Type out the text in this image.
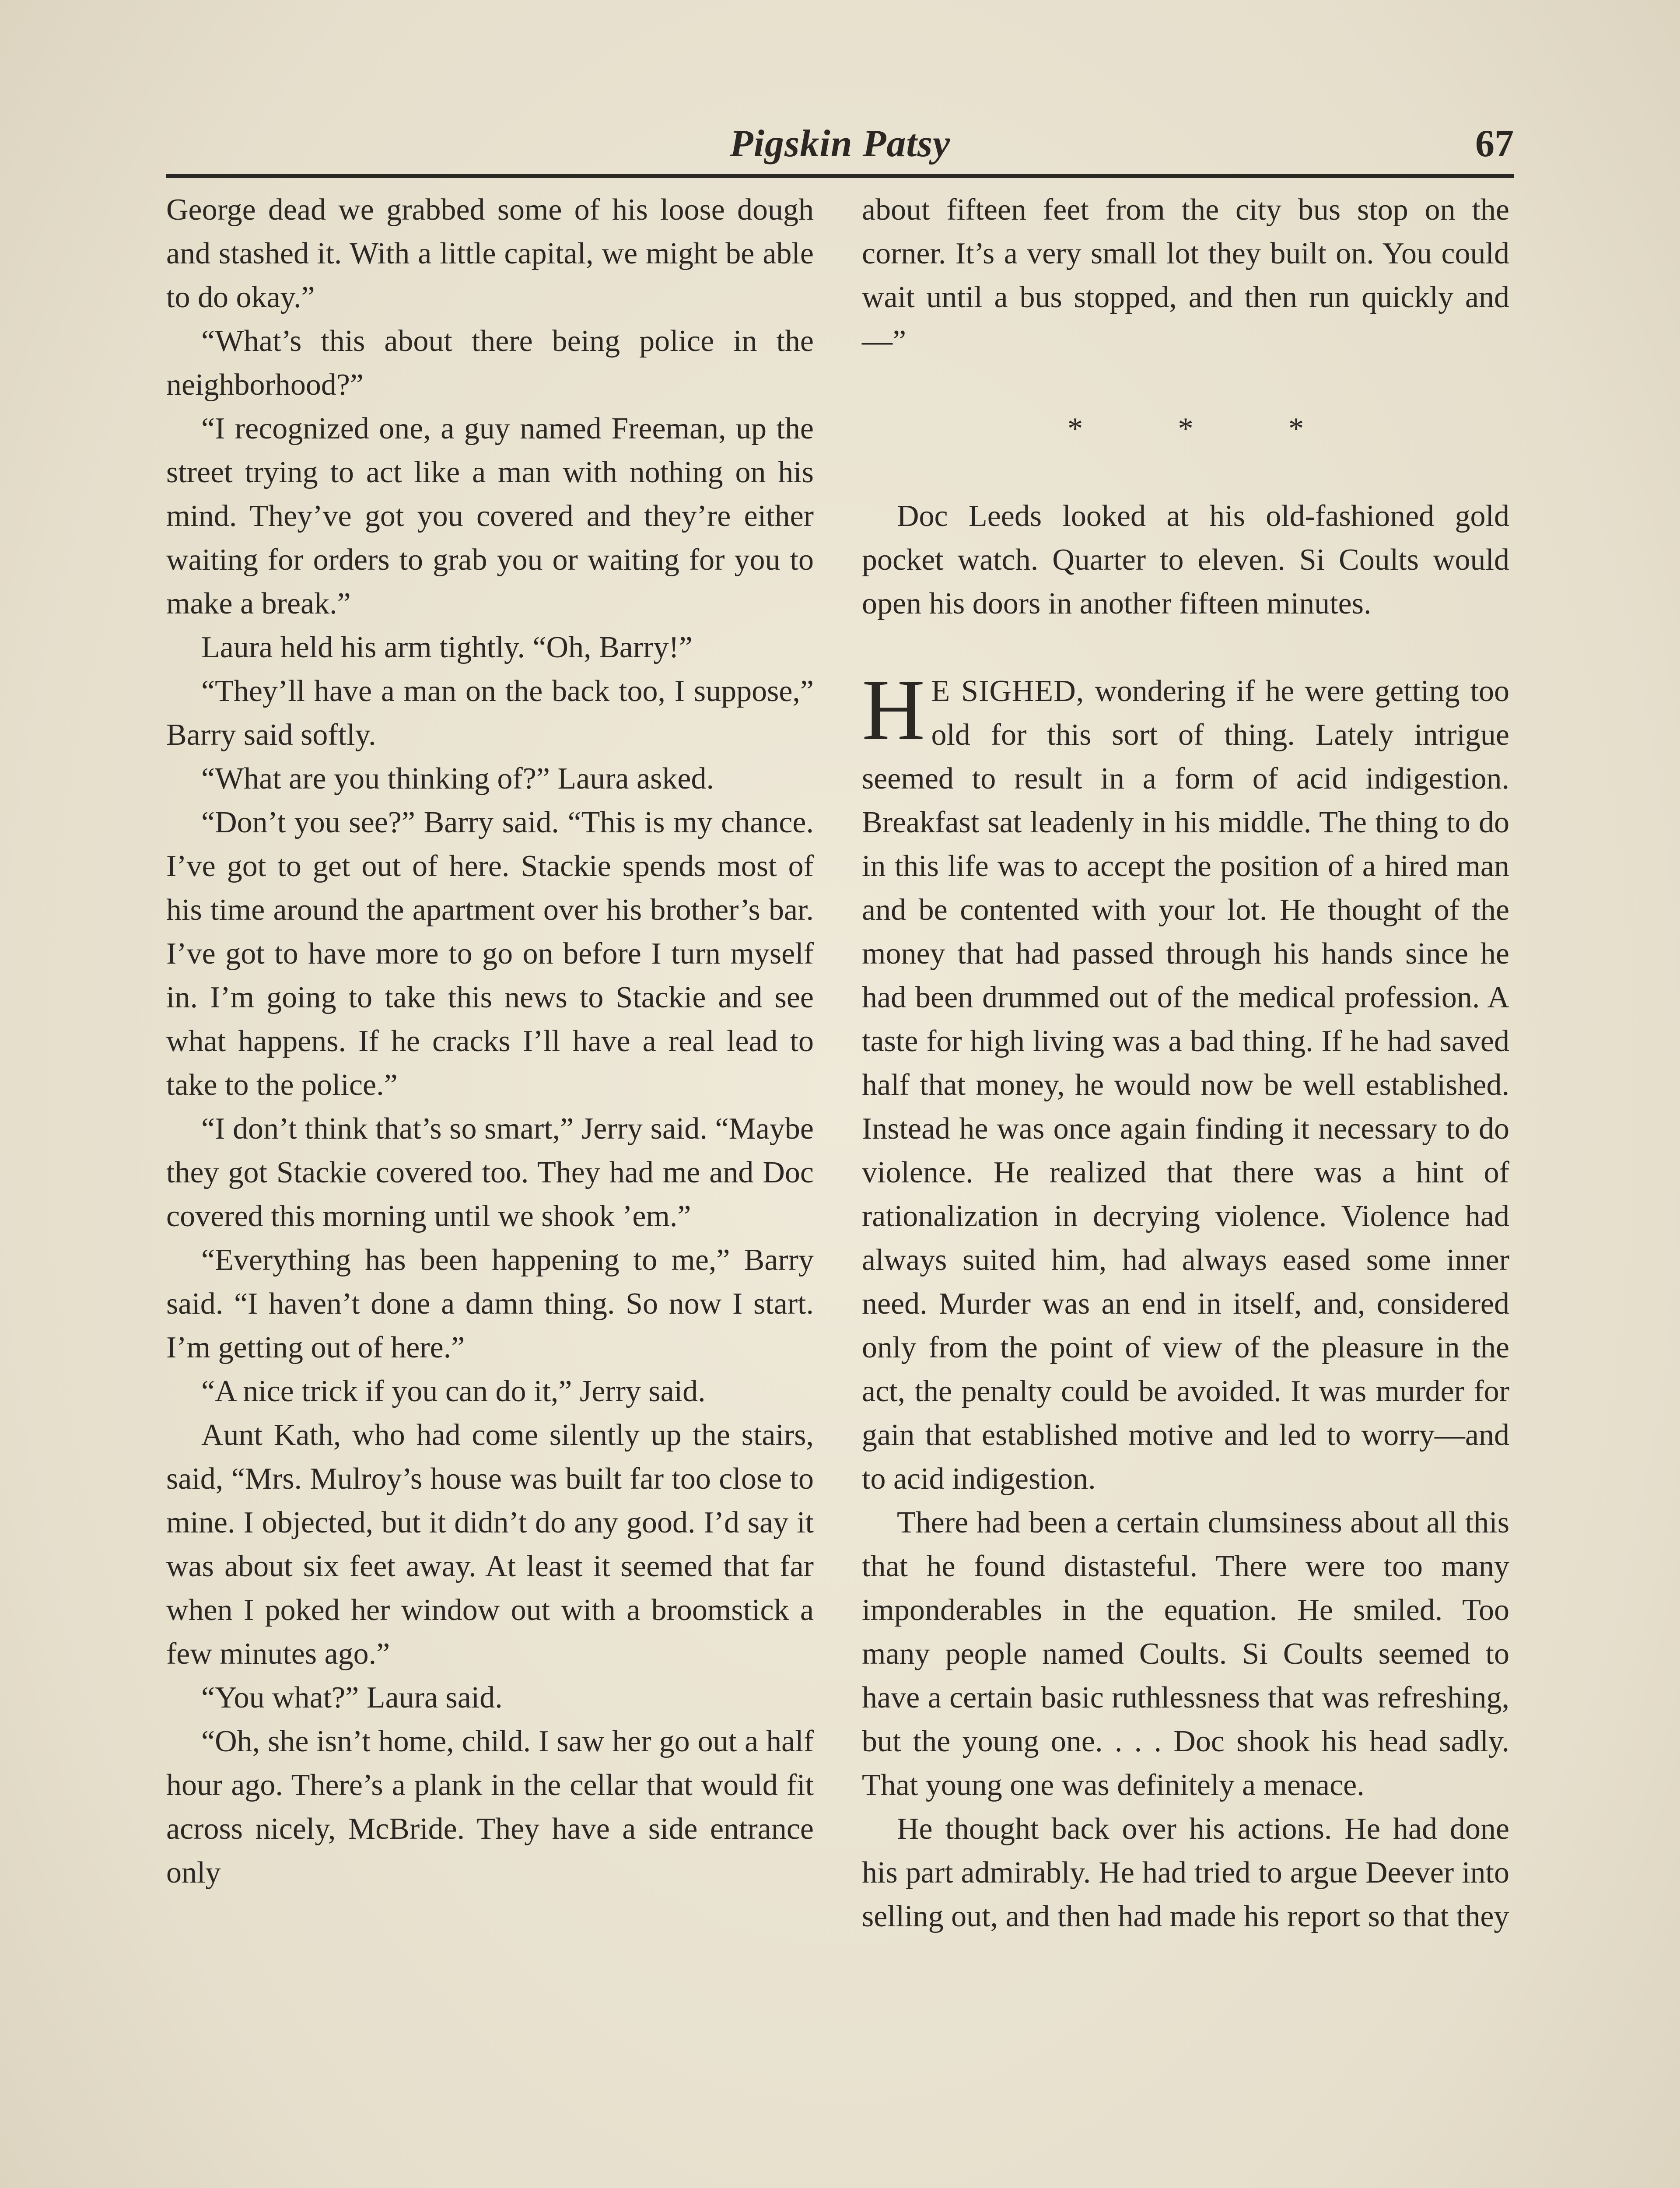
Pigskin Patsy	67

George dead we grabbed some of his loose dough and stashed it. With a little capital, we might be able to do okay.”

“What’s this about there being police in the neighborhood?”

“I recognized one, a guy named Freeman, up the street trying to act like a man with nothing on his mind. They’ve got you covered and they’re either waiting for orders to grab you or waiting for you to make a break.”

Laura held his arm tightly. “Oh, Barry!”

“They’ll have a man on the back too, I suppose,” Barry said softly.

“What are you thinking of?” Laura asked.

“Don’t you see?” Barry said. “This is my chance. I’ve got to get out of here. Stackie spends most of his time around the apartment over his brother’s bar. I’ve got to have more to go on before I turn myself in. I’m going to take this news to Stackie and see what happens. If he cracks I’ll have a real lead to take to the police.”

“I don’t think that’s so smart,” Jerry said. “Maybe they got Stackie covered too. They had me and Doc covered this morning until we shook ’em.”

“Everything has been happening to me,” Barry said. “I haven’t done a damn thing. So now I start. I’m getting out of here.”

“A nice trick if you can do it,” Jerry said.

Aunt Kath, who had come silently up the stairs, said, “Mrs. Mulroy’s house was built far too close to mine. I objected, but it didn’t do any good. I’d say it was about six feet away. At least it seemed that far when I poked her window out with a broomstick a few minutes ago.”

“You what?” Laura said.

“Oh, she isn’t home, child. I saw her go out a half hour ago. There’s a plank in the cellar that would fit across nicely, McBride. They have a side entrance only

about fifteen feet from the city bus stop on the corner. It’s a very small lot they built on. You could wait until a bus stopped, and then run quickly and—”

* * *

Doc Leeds looked at his old-fashioned gold pocket watch. Quarter to eleven. Si Coults would open his doors in another fifteen minutes.

H E SIGHED, wondering if he were getting too old for this sort of thing. Lately intrigue seemed to result in a form of acid indigestion. Breakfast sat leadenly in his middle. The thing to do in this life was to accept the position of a hired man and be contented with your lot. He thought of the money that had passed through his hands since he had been drummed out of the medical profession. A taste for high living was a bad thing. If he had saved half that money, he would now be well established. Instead he was once again finding it necessary to do violence. He realized that there was a hint of rationalization in decrying violence. Violence had always suited him, had always eased some inner need. Murder was an end in itself, and, considered only from the point of view of the pleasure in the act, the penalty could be avoided. It was murder for gain that established motive and led to worry—and to acid indigestion.

There had been a certain clumsiness about all this that he found distasteful. There were too many imponderables in the equation. He smiled. Too many people named Coults. Si Coults seemed to have a certain basic ruthlessness that was refreshing, but the young one. . . . Doc shook his head sadly. That young one was definitely a menace.

He thought back over his actions. He had done his part admirably. He had tried to argue Deever into selling out, and then had made his report so that they
